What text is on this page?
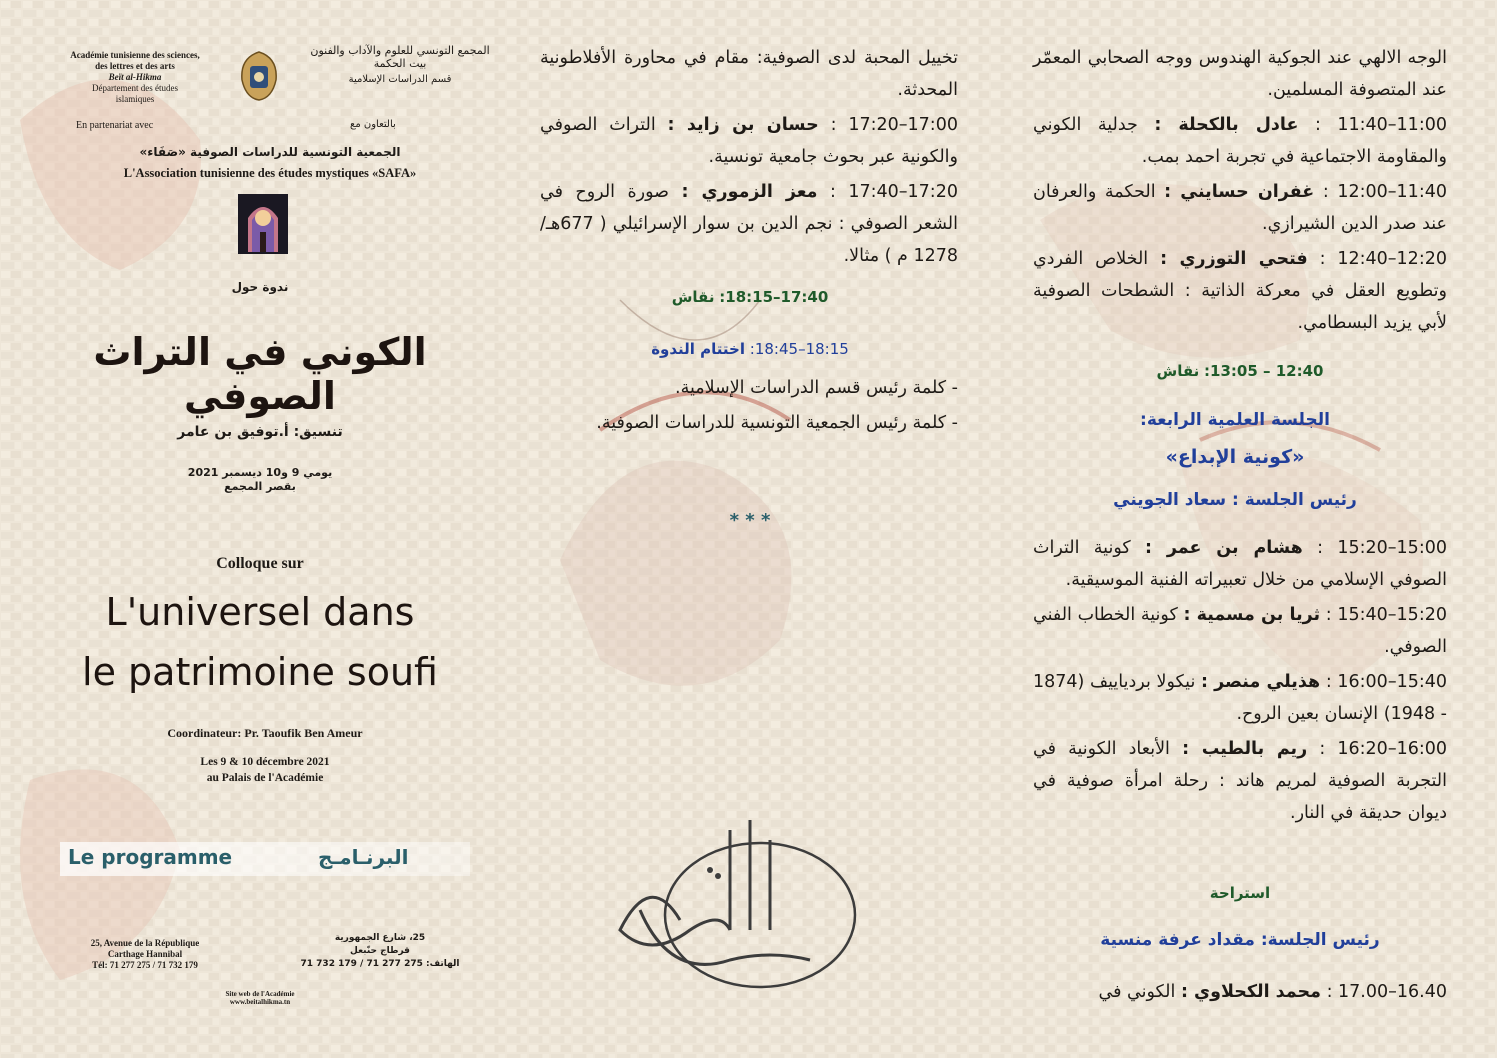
Académie tunisienne des sciences,
des lettres et des arts
Beït al-Hikma
Département des études
islamiques
المجمع التونسي للعلوم والآداب والفنون
بيت الحكمة
قسم الدراسات الإسلامية
En partenariat avec	بالتعاون مع
الجمعية التونسية للدراسات الصوفية «صَفَاء»
L'Association tunisienne des études mystiques «SAFA»
ندوة حول
الكوني في التراث الصوفي
تنسيق: أ.توفيق بن عامر
يومي 9 و10 ديسمبر 2021
بقصر المجمع
Colloque sur
L'universel dans
le patrimoine soufi
Coordinateur: Pr. Taoufik Ben Ameur
Les 9 & 10 décembre 2021
au Palais de l'Académie
Le programme	البرنـامـج
25, Avenue de la République
Carthage Hannibal
Tél: 71 277 275 / 71 732 179
25، شارع الجمهورية
قرطاج حنّبعل
الهاتف: 275 277 71 / 179 732 71
Site web de l'Académie
www.beitalhikma.tn

تخييل المحبة لدى الصوفية: مقام في محاورة الأفلاطونية المحدثة.

17:00–17:20 : حسان بن زايد : التراث الصوفي والكونية عبر بحوث جامعية تونسية.

17:20–17:40 : معز الزموري : صورة الروح في الشعر الصوفي : نجم الدين بن سوار الإسرائيلي ( 677هـ/ 1278 م ) مثالا.

17:40–18:15: نقاش
18:15–18:45: اختتام الندوة

- كلمة رئيس قسم الدراسات الإسلامية.

- كلمة رئيس الجمعية التونسية للدراسات الصوفية.

* * *

الوجه الالهي عند الجوكية الهندوس ووجه الصحابي المعمّر عند المتصوفة المسلمين.

11:00–11:40 : عادل بالكحلة : جدلية الكوني والمقاومة الاجتماعية في تجربة احمد بمب.

11:40–12:00 : غفران حسايني : الحكمة والعرفان عند صدر الدين الشيرازي.

12:20–12:40 : فتحي التوزري : الخلاص الفردي وتطويع العقل في معركة الذاتية : الشطحات الصوفية لأبي يزيد البسطامي.

12:40 – 13:05: نقاش
الجلسة العلمية الرابعة:
«كونية الإبداع»
رئيس الجلسة : سعاد الجويني

15:00–15:20 : هشام بن عمر : كونية التراث الصوفي الإسلامي من خلال تعبيراته الفنية الموسيقية.

15:20–15:40 : ثريا بن مسمية : كونية الخطاب الفني الصوفي.

15:40–16:00 : هذيلي منصر : نيكولا بردياييف (1874 - 1948) الإنسان بعين الروح.

16:00–16:20 : ريم بالطيب : الأبعاد الكونية في التجربة الصوفية لمريم هاند : رحلة امرأة صوفية في ديوان حديقة في النار.

استراحة
رئيس الجلسة: مقداد عرفة منسية

16.40–17.00 : محمد الكحلاوي : الكوني في
